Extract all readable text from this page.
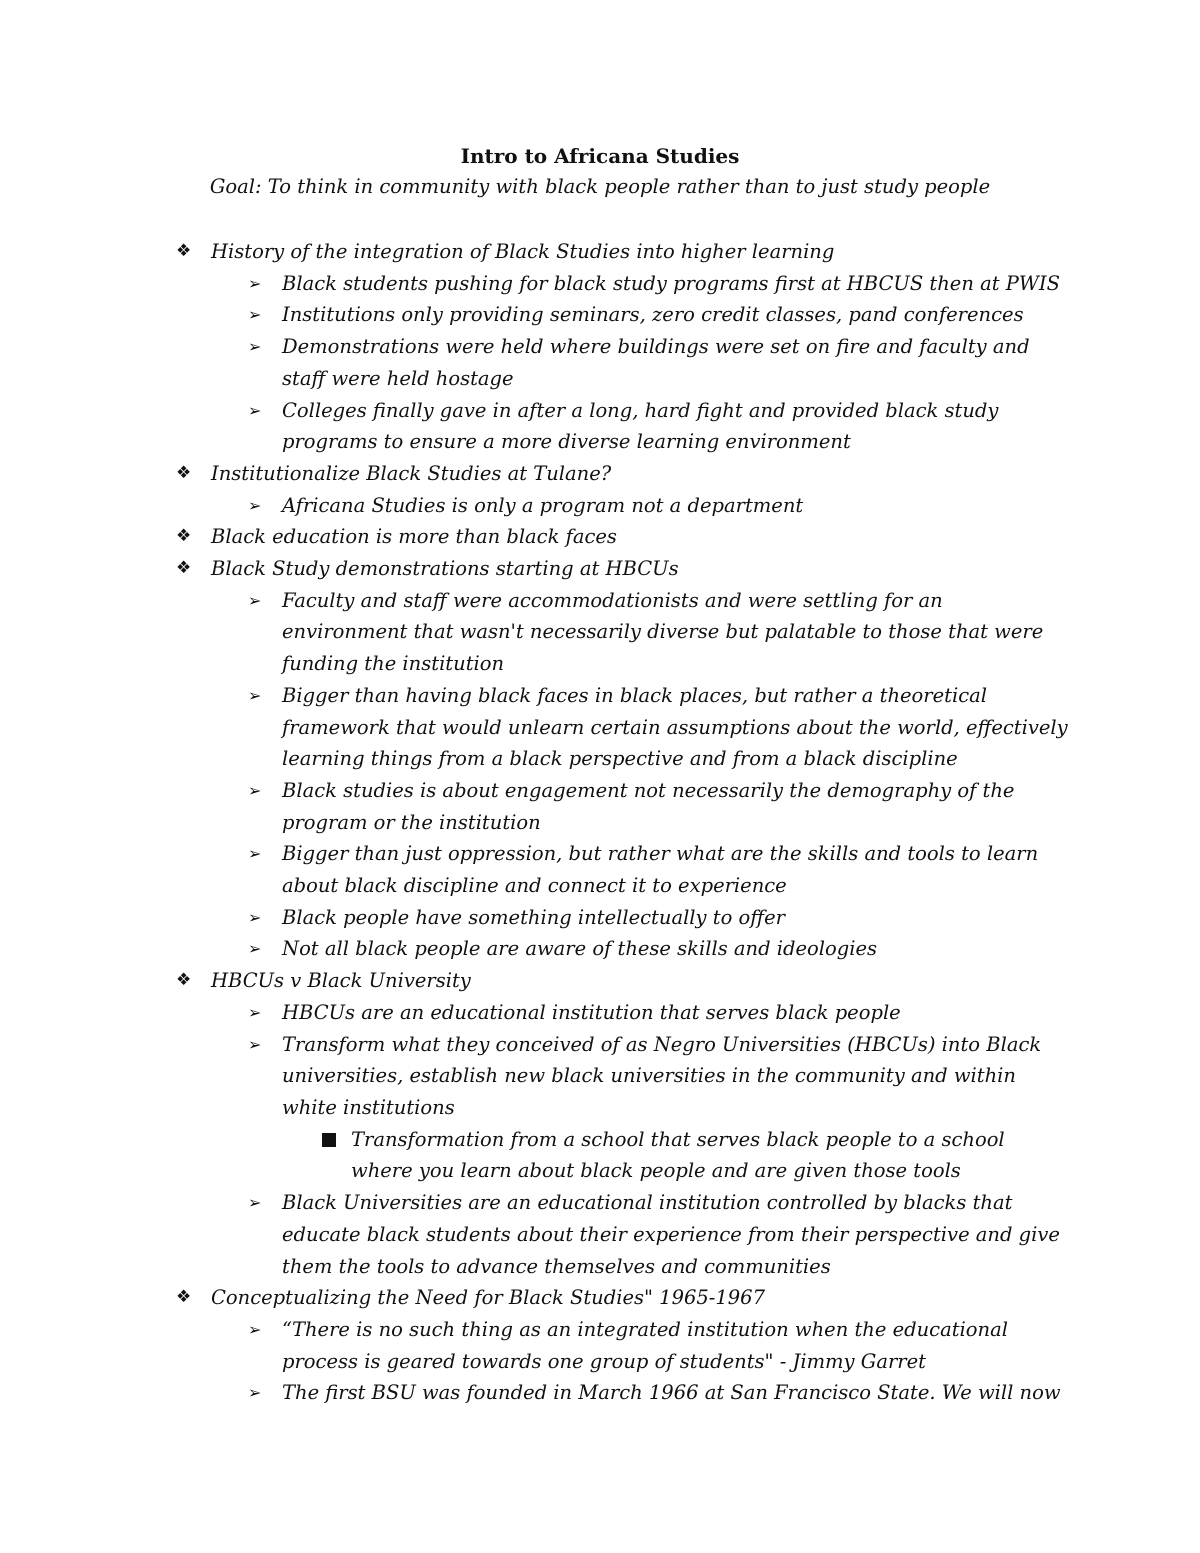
Intro to Africana Studies
Goal: To think in community with black people rather than to just study people
❖ History of the integration of Black Studies into higher learning
➢ Black students pushing for black study programs first at HBCUS then at PWIS
➢ Institutions only providing seminars, zero credit classes, pand conferences
➢ Demonstrations were held where buildings were set on fire and faculty and staff were held hostage
➢ Colleges finally gave in after a long, hard fight and provided black study programs to ensure a more diverse learning environment
❖ Institutionalize Black Studies at Tulane?
➢ Africana Studies is only a program not a department
❖ Black education is more than black faces
❖ Black Study demonstrations starting at HBCUs
➢ Faculty and staff were accommodationists and were settling for an environment that wasn't necessarily diverse but palatable to those that were funding the institution
➢ Bigger than having black faces in black places, but rather a theoretical framework that would unlearn certain assumptions about the world, effectively learning things from a black perspective and from a black discipline
➢ Black studies is about engagement not necessarily the demography of the program or the institution
➢ Bigger than just oppression, but rather what are the skills and tools to learn about black discipline and connect it to experience
➢ Black people have something intellectually to offer
➢ Not all black people are aware of these skills and ideologies
❖ HBCUs v Black University
➢ HBCUs are an educational institution that serves black people
➢ Transform what they conceived of as Negro Universities (HBCUs) into Black universities, establish new black universities in the community and within white institutions
Transformation from a school that serves black people to a school where you learn about black people and are given those tools
➢ Black Universities are an educational institution controlled by blacks that educate black students about their experience from their perspective and give them the tools to advance themselves and communities
❖ Conceptualizing the Need for Black Studies" 1965-1967
➢ “There is no such thing as an integrated institution when the educational process is geared towards one group of students" - Jimmy Garret
➢ The first BSU was founded in March 1966 at San Francisco State. We will now
